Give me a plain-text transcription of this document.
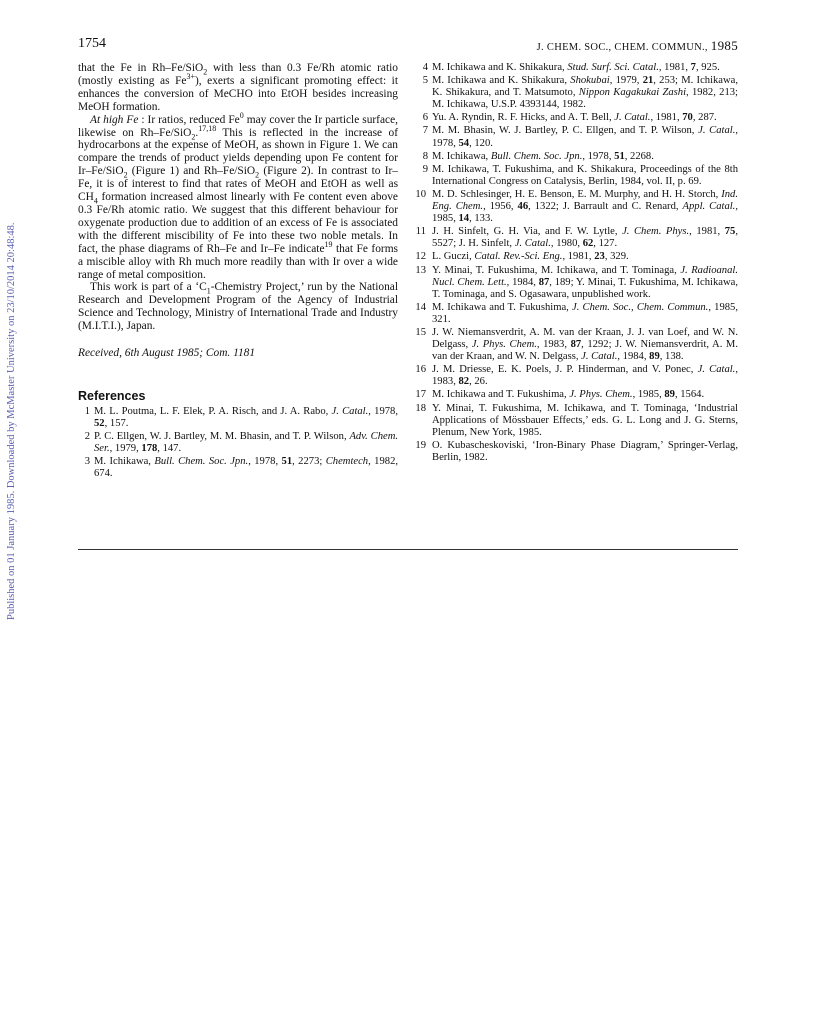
Published on 01 January 1985. Downloaded by McMaster University on 23/10/2014 20:48:48.
1754	J. CHEM. SOC., CHEM. COMMUN., 1985

that the Fe in Rh–Fe/SiO$_2$ with less than 0.3 Fe/Rh atomic ratio (mostly existing as $Fe^{3+}$), exerts a significant promoting effect: it enhances the conversion of MeCHO into EtOH besides increasing MeOH formation.

At high Fe : Ir ratios, reduced Fe$^0$ may cover the Ir particle surface, likewise on Rh–Fe/SiO$_2$.$^{17,18}$ This is reflected in the increase of hydrocarbons at the expense of MeOH, as shown in Figure 1. We can compare the trends of product yields depending upon Fe content for Ir–Fe/SiO$_2$ (Figure 1) and Rh–Fe/SiO$_2$ (Figure 2). In contrast to Ir–Fe, it is of interest to find that rates of MeOH and EtOH as well as $CH_4$ formation increased almost linearly with Fe content even above 0.3 Fe/Rh atomic ratio. We suggest that this different behaviour for oxygenate production due to addition of an excess of Fe is associated with the different miscibility of Fe into these two noble metals. In fact, the phase diagrams of Rh–Fe and Ir–Fe indicate$^{19}$ that Fe forms a miscible alloy with Rh much more readily than with Ir over a wide range of metal composition.

This work is part of a ‘$C_1$-Chemistry Project,’ run by the National Research and Development Program of the Agency of Industrial Science and Technology, Ministry of International Trade and Industry (M.I.T.I.), Japan.

Received, 6th August 1985; Com. 1181

References

1 M. L. Poutma, L. F. Elek, P. A. Risch, and J. A. Rabo, J. Catal., 1978, 52, 157.

2 P. C. Ellgen, W. J. Bartley, M. M. Bhasin, and T. P. Wilson, Adv. Chem. Ser., 1979, 178, 147.

3 M. Ichikawa, Bull. Chem. Soc. Jpn., 1978, 51, 2273; Chemtech, 1982, 674.

4 M. Ichikawa and K. Shikakura, Stud. Surf. Sci. Catal., 1981, 7, 925.

5 M. Ichikawa and K. Shikakura, Shokubai, 1979, 21, 253; M. Ichikawa, K. Shikakura, and T. Matsumoto, Nippon Kagakukai Zashi, 1982, 213; M. Ichikawa, U.S.P. 4393144, 1982.

6 Yu. A. Ryndin, R. F. Hicks, and A. T. Bell, J. Catal., 1981, 70, 287.

7 M. M. Bhasin, W. J. Bartley, P. C. Ellgen, and T. P. Wilson, J. Catal., 1978, 54, 120.

8 M. Ichikawa, Bull. Chem. Soc. Jpn., 1978, 51, 2268.

9 M. Ichikawa, T. Fukushima, and K. Shikakura, Proceedings of the 8th International Congress on Catalysis, Berlin, 1984, vol. II, p. 69.

10 M. D. Schlesinger, H. E. Benson, E. M. Murphy, and H. H. Storch, Ind. Eng. Chem., 1956, 46, 1322; J. Barrault and C. Renard, Appl. Catal., 1985, 14, 133.

11 J. H. Sinfelt, G. H. Via, and F. W. Lytle, J. Chem. Phys., 1981, 75, 5527; J. H. Sinfelt, J. Catal., 1980, 62, 127.

12 L. Guczi, Catal. Rev.-Sci. Eng., 1981, 23, 329.

13 Y. Minai, T. Fukushima, M. Ichikawa, and T. Tominaga, J. Radioanal. Nucl. Chem. Lett., 1984, 87, 189; Y. Minai, T. Fukushima, M. Ichikawa, T. Tominaga, and S. Ogasawara, unpublished work.

14 M. Ichikawa and T. Fukushima, J. Chem. Soc., Chem. Commun., 1985, 321.

15 J. W. Niemansverdrit, A. M. van der Kraan, J. J. van Loef, and W. N. Delgass, J. Phys. Chem., 1983, 87, 1292; J. W. Niemansverdrit, A. M. van der Kraan, and W. N. Delgass, J. Catal., 1984, 89, 138.

16 J. M. Driesse, E. K. Poels, J. P. Hinderman, and V. Ponec, J. Catal., 1983, 82, 26.

17 M. Ichikawa and T. Fukushima, J. Phys. Chem., 1985, 89, 1564.

18 Y. Minai, T. Fukushima, M. Ichikawa, and T. Tominaga, ‘Industrial Applications of Mössbauer Effects,’ eds. G. L. Long and J. G. Sterns, Plenum, New York, 1985.

19 O. Kubascheskoviski, ‘Iron-Binary Phase Diagram,’ Springer-Verlag, Berlin, 1982.
